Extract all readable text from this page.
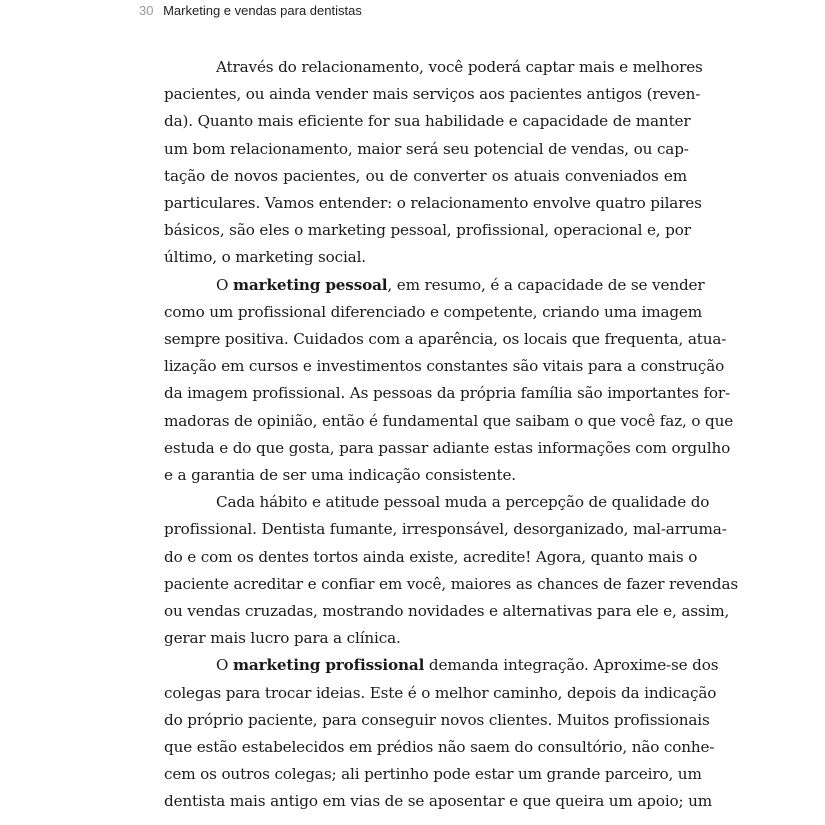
30 Marketing e vendas para dentistas
Através do relacionamento, você poderá captar mais e melhores
pacientes, ou ainda vender mais serviços aos pacientes antigos (reven-
da). Quanto mais eficiente for sua habilidade e capacidade de manter
um bom relacionamento, maior será seu potencial de vendas, ou cap-
tação de novos pacientes, ou de converter os atuais conveniados em
particulares. Vamos entender: o relacionamento envolve quatro pilares
básicos, são eles o marketing pessoal, profissional, operacional e, por
último, o marketing social.
O marketing pessoal, em resumo, é a capacidade de se vender
como um profissional diferenciado e competente, criando uma imagem
sempre positiva. Cuidados com a aparência, os locais que frequenta, atua-
lização em cursos e investimentos constantes são vitais para a construção
da imagem profissional. As pessoas da própria família são importantes for-
madoras de opinião, então é fundamental que saibam o que você faz, o que
estuda e do que gosta, para passar adiante estas informações com orgulho
e a garantia de ser uma indicação consistente.
Cada hábito e atitude pessoal muda a percepção de qualidade do
profissional. Dentista fumante, irresponsável, desorganizado, mal-arruma-
do e com os dentes tortos ainda existe, acredite! Agora, quanto mais o
paciente acreditar e confiar em você, maiores as chances de fazer revendas
ou vendas cruzadas, mostrando novidades e alternativas para ele e, assim,
gerar mais lucro para a clínica.
O marketing profissional demanda integração. Aproxime-se dos
colegas para trocar ideias. Este é o melhor caminho, depois da indicação
do próprio paciente, para conseguir novos clientes. Muitos profissionais
que estão estabelecidos em prédios não saem do consultório, não conhe-
cem os outros colegas; ali pertinho pode estar um grande parceiro, um
dentista mais antigo em vias de se aposentar e que queira um apoio; um
